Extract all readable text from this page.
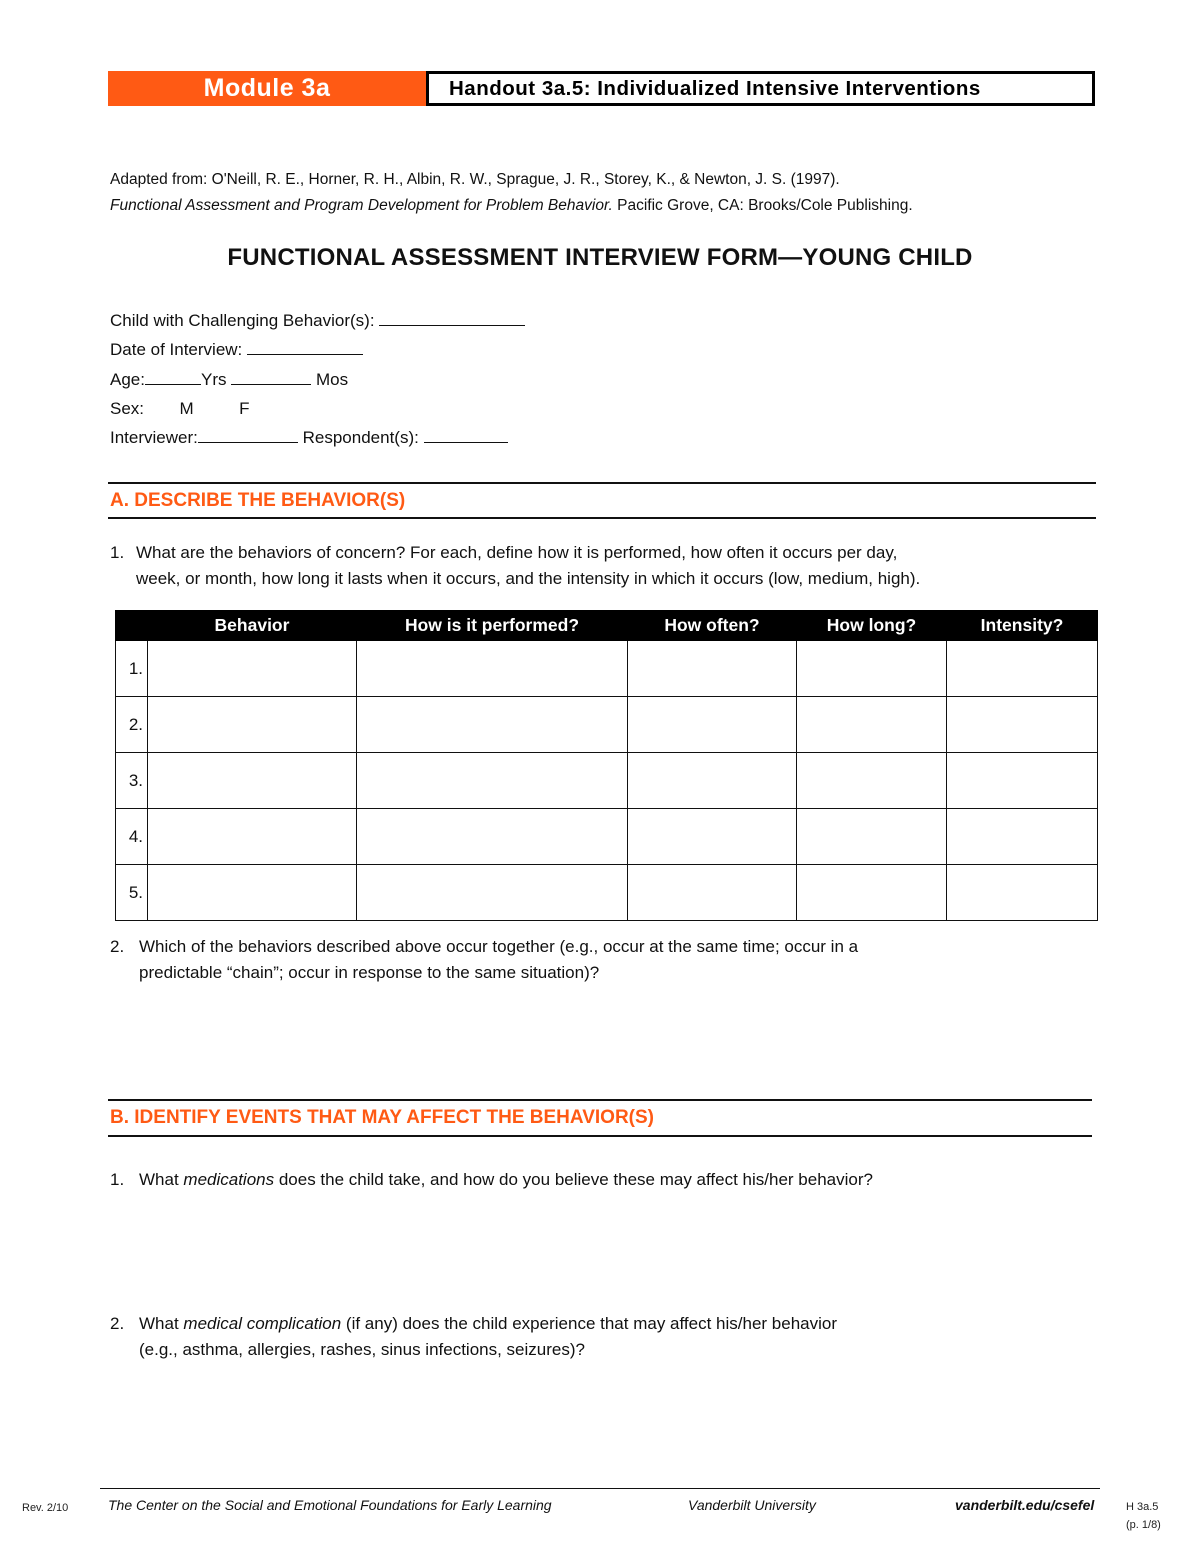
Module 3a	Handout 3a.5: Individualized Intensive Interventions
Adapted from: O'Neill, R. E., Horner, R. H., Albin, R. W., Sprague, J. R., Storey, K., & Newton, J. S. (1997).
Functional Assessment and Program Development for Problem Behavior. Pacific Grove, CA: Brooks/Cole Publishing.
FUNCTIONAL ASSESSMENT INTERVIEW FORM—YOUNG CHILD
Child with Challenging Behavior(s):
Date of Interview:
Age:	Yrs	Mos
Sex: M	F
Interviewer:	Respondent(s):
A. DESCRIBE THE BEHAVIOR(S)
1. What are the behaviors of concern? For each, define how it is performed, how often it occurs per day,
week, or month, how long it lasts when it occurs, and the intensity in which it occurs (low, medium, high).
	Behavior	How is it performed?	How often?	How long?	Intensity?
1.					
2.					
3.					
4.					
5.					
2. Which of the behaviors described above occur together (e.g., occur at the same time; occur in a
predictable “chain”; occur in response to the same situation)?
B. IDENTIFY EVENTS THAT MAY AFFECT THE BEHAVIOR(S)
1. What medications does the child take, and how do you believe these may affect his/her behavior?
2. What medical complication (if any) does the child experience that may affect his/her behavior
(e.g., asthma, allergies, rashes, sinus infections, seizures)?
Rev. 2/10	The Center on the Social and Emotional Foundations for Early Learning	Vanderbilt University	vanderbilt.edu/csefel	H 3a.5
(p. 1/8)
